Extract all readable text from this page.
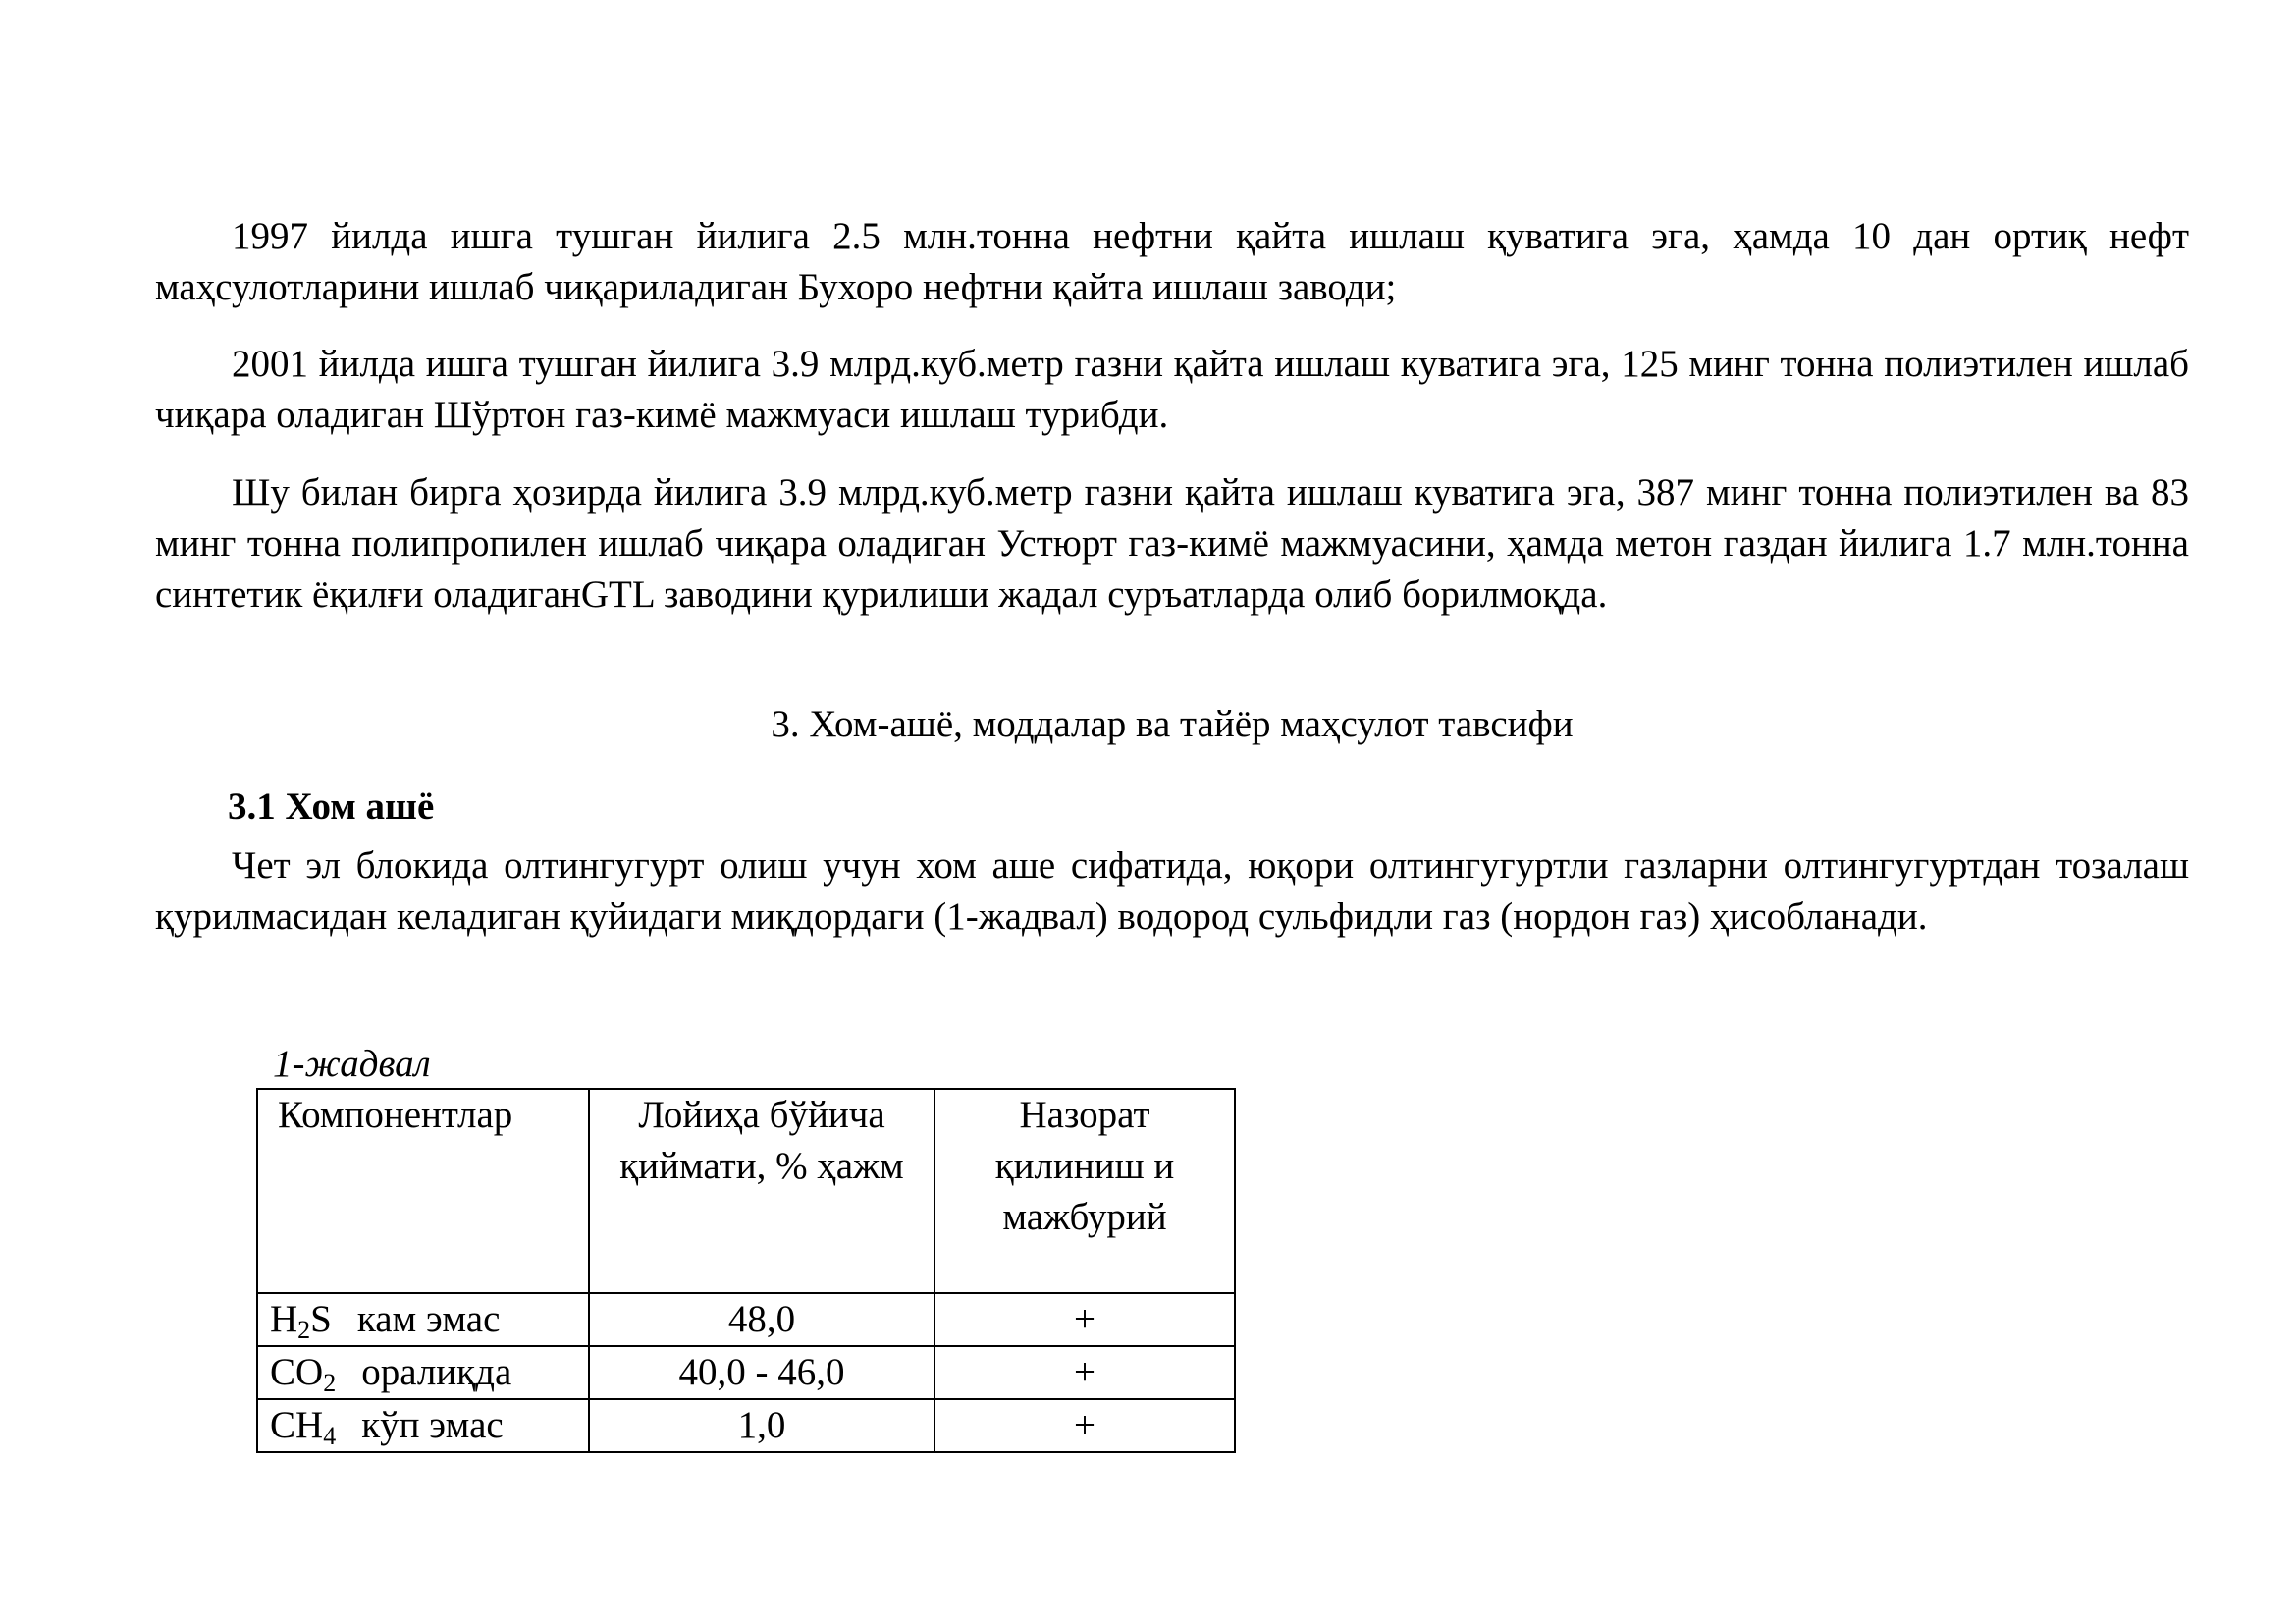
1997 йилда ишга тушган йилига 2.5 млн.тонна нефтни қайта ишлаш қуватига эга, ҳамда 10 дан ортиқ нефт маҳсулотларини ишлаб чиқариладиган Бухоро нефтни қайта ишлаш заводи;

2001 йилда ишга тушган йилига 3.9 млрд.куб.метр газни қайта ишлаш куватига эга, 125 минг тонна полиэтилен ишлаб чиқара оладиган Шўртон газ-кимё мажмуаси ишлаш турибди.

Шу билан бирга ҳозирда йилига 3.9 млрд.куб.метр газни қайта ишлаш куватига эга, 387 минг тонна полиэтилен ва 83 минг тонна полипропилен ишлаб чиқара оладиган Устюрт газ-кимё мажмуасини, ҳамда метон газдан йилига 1.7 млн.тонна синтетик ёқилғи оладиганGTL заводини қурилиши жадал суръатларда олиб борилмоқда.

3. Хом-ашё, моддалар ва тайёр маҳсулот тавсифи

3.1 Хом ашё

Чет эл блокида олтингугурт олиш учун хом аше сифатида, юқори олтингугуртли газларни олтингугуртдан тозалаш қурилмасидан келадиган қуйидаги миқдордаги (1-жадвал) водород сульфидли газ (нордон газ) ҳисобланади.

1-жадвал
Компонентлар	Лойиҳа бўйича қиймати, % ҳажм	Назорат қилиниш и мажбурий
$H_2S$ кам эмас	48,0	+
$CO_2$ оралиқда	40,0 - 46,0	+
$CH_4$ кўп эмас	1,0	+
